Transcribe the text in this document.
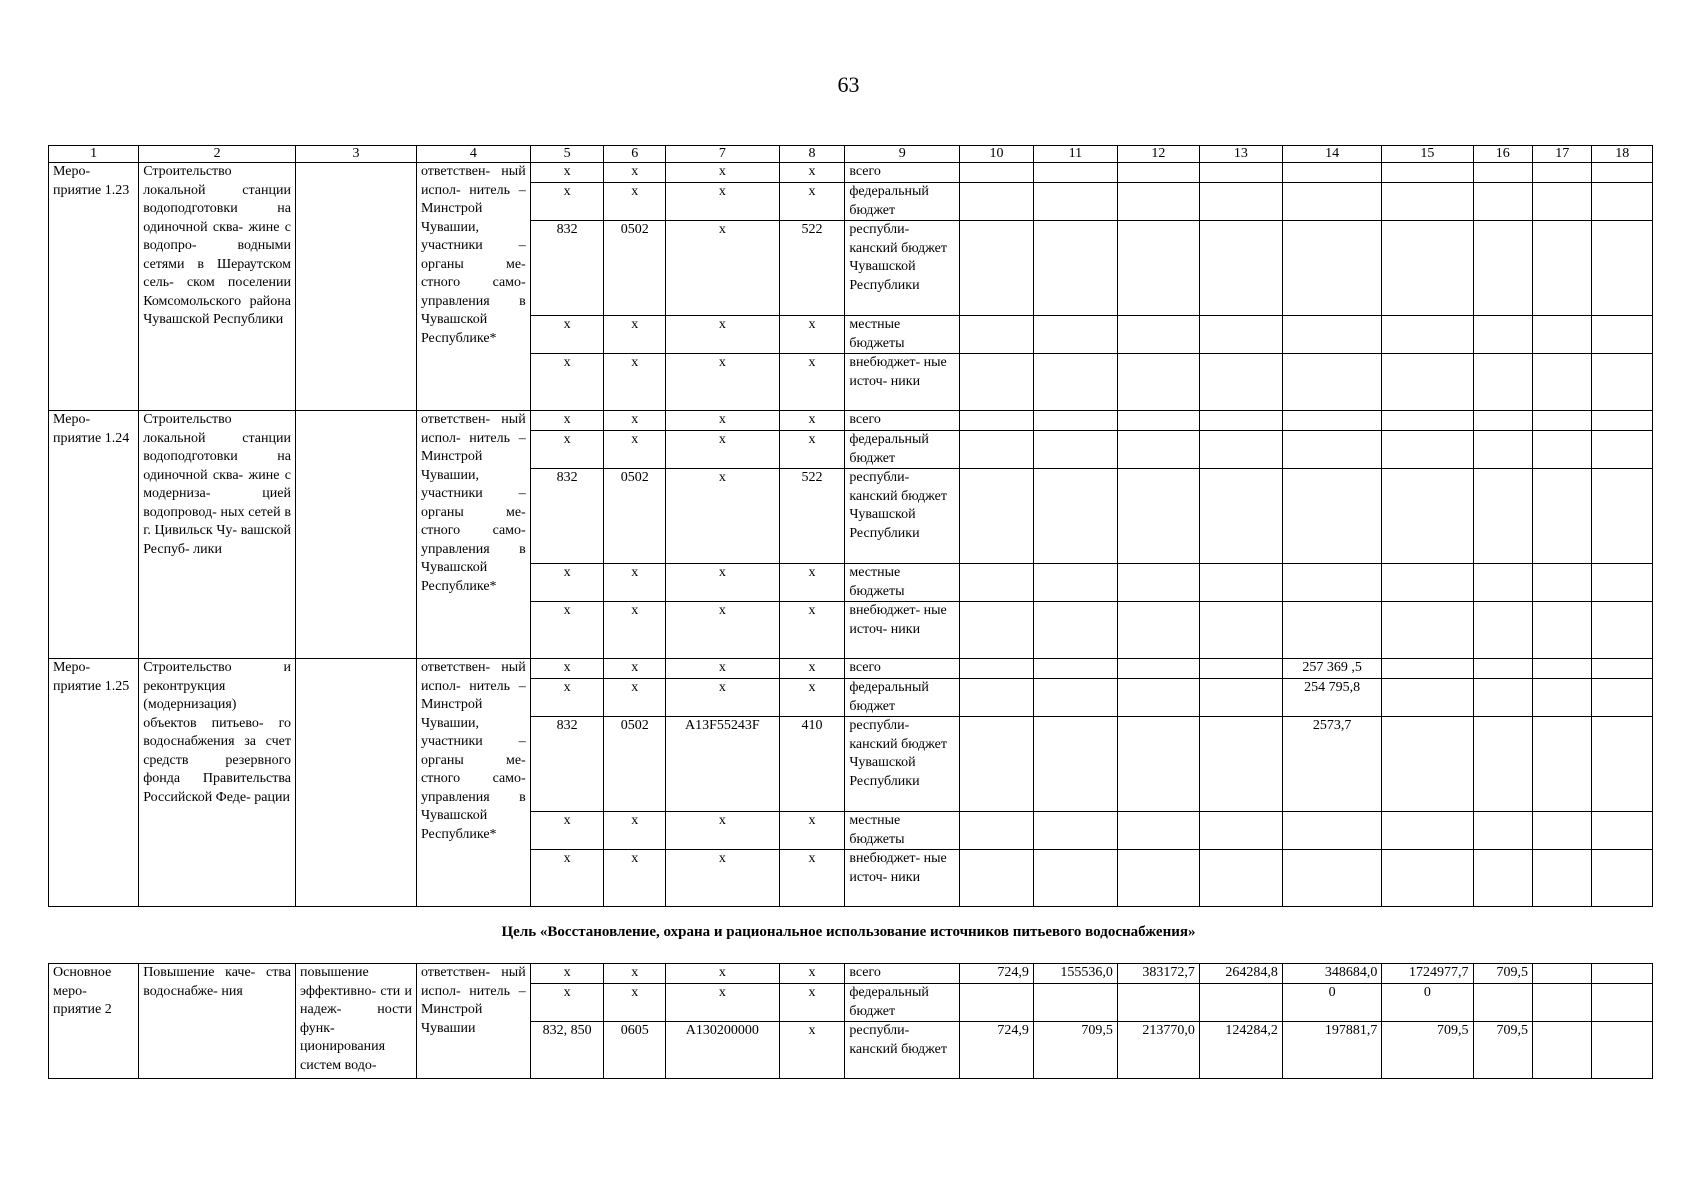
63
1	2	3	4	5	6	7	8	9	10	11	12	13	14	15	16	17	18
Меро- приятие 1.23	Строительство локальной станции водоподготовки на одиночной сква- жине с водопро- водными сетями в Шераутском сель- ском поселении Комсомольского района Чувашской Республики		ответствен- ный испол- нитель – Минстрой Чувашии, участники – органы ме- стного само- управления в Чувашской Республике*	x	x	x	x	всего									
				x	x	x	x	федеральный бюджет									
				832	0502	x	522	республи- канский бюджет Чувашской Республики									
				x	x	x	x	местные бюджеты									
				x	x	x	x	внебюджет- ные источ- ники									
Меро- приятие 1.24	Строительство локальной станции водоподготовки на одиночной сква- жине с модерниза- цией водопровод- ных сетей в г. Цивильск Чу- вашской Респуб- лики		ответствен- ный испол- нитель – Минстрой Чувашии, участники – органы ме- стного само- управления в Чувашской Республике*	x	x	x	x	всего									
				x	x	x	x	федеральный бюджет									
				832	0502	x	522	республи- канский бюджет Чувашской Республики									
				x	x	x	x	местные бюджеты									
				x	x	x	x	внебюджет- ные источ- ники									
Меро- приятие 1.25	Строительство и реконтрукция (модернизация) объектов питьево- го водоснабжения за счет средств резервного фонда Правительства Российской Феде- рации		ответствен- ный испол- нитель – Минстрой Чувашии, участники – органы ме- стного само- управления в Чувашской Республике*	x	x	x	x	всего					257 369 ,5				
				x	x	x	x	федеральный бюджет					254 795,8				
				832	0502	A13F55243F	410	республи- канский бюджет Чувашской Республики					2573,7				
				x	x	x	x	местные бюджеты									
				x	x	x	x	внебюджет- ные источ- ники									
Цель «Восстановление, охрана и рациональное использование источников питьевого водоснабжения»
Основное меро- приятие 2	Повышение каче- ства водоснабже- ния	повышение эффективно- сти и надеж- ности функ- ционирования систем водо-	ответствен- ный испол- нитель – Минстрой Чувашии	x	x	x	x	всего	724,9	155536,0	383172,7	264284,8	348684,0	1724977,7	709,5		
				x	x	x	x	федеральный бюджет					0	0			
				832, 850	0605	A130200000	x	республи- канский бюджет	724,9	709,5	213770,0	124284,2	197881,7	709,5	709,5		
